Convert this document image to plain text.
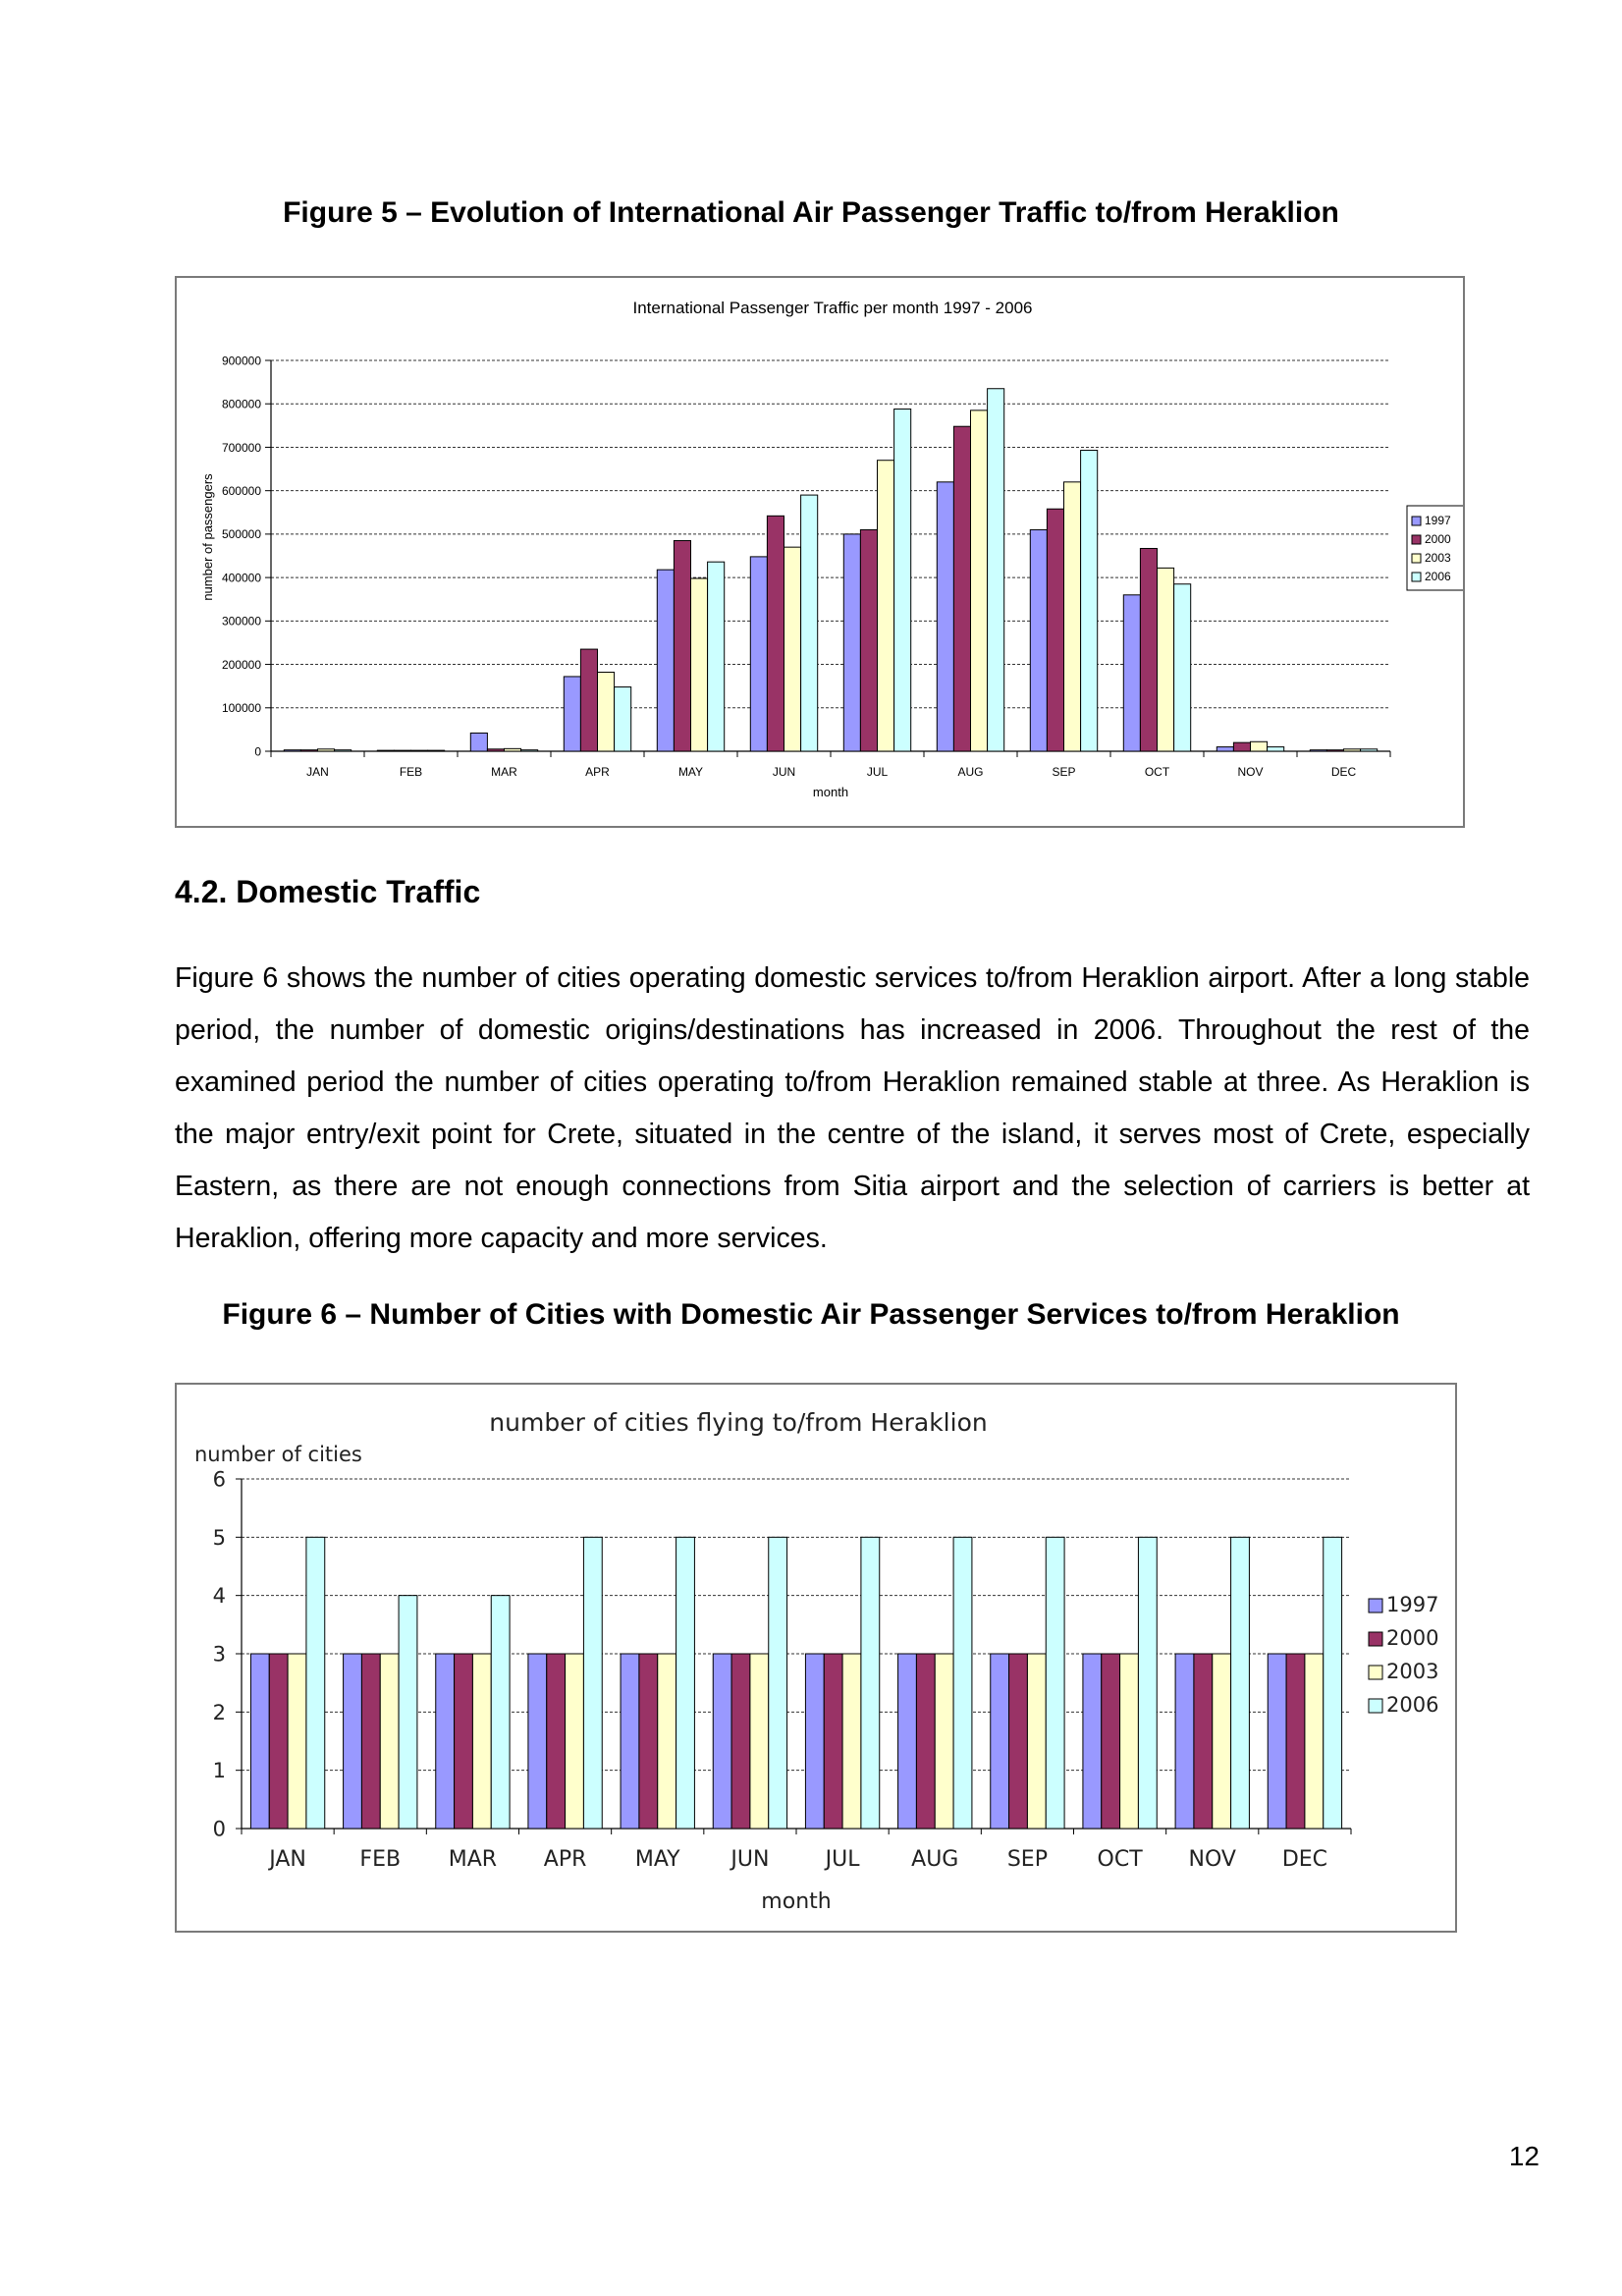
Figure 5 – Evolution of International Air Passenger Traffic to/from Heraklion
International Passenger Traffic per month 1997 - 2006
0
100000
200000
300000
400000
500000
600000
700000
800000
900000
JAN	FEB	MAR	APR	MAY	JUN	JUL	AUG	SEP	OCT	NOV	DEC
month
number of passengers	1997
2000
2003
2006
4.2. Domestic Traffic
Figure 6 shows the number of cities operating domestic services to/from Heraklion airport. After a long stable period, the number of domestic origins/destinations has increased in 2006. Throughout the rest of the examined period the number of cities operating to/from Heraklion remained stable at three. As Heraklion is the major entry/exit point for Crete, situated in the centre of the island, it serves most of Crete, especially Eastern, as there are not enough connections from Sitia airport and the selection of carriers is better at Heraklion, offering more capacity and more services.
Figure 6 – Number of Cities with Domestic Air Passenger Services to/from Heraklion
number of cities flying to/from Heraklion
0
1
2
3
4
5
6
JAN FEB MAR APR MAY JUN	JUL AUG SEP OCT NOV DEC
month
number of cities
1997
2000
2003
2006
12
